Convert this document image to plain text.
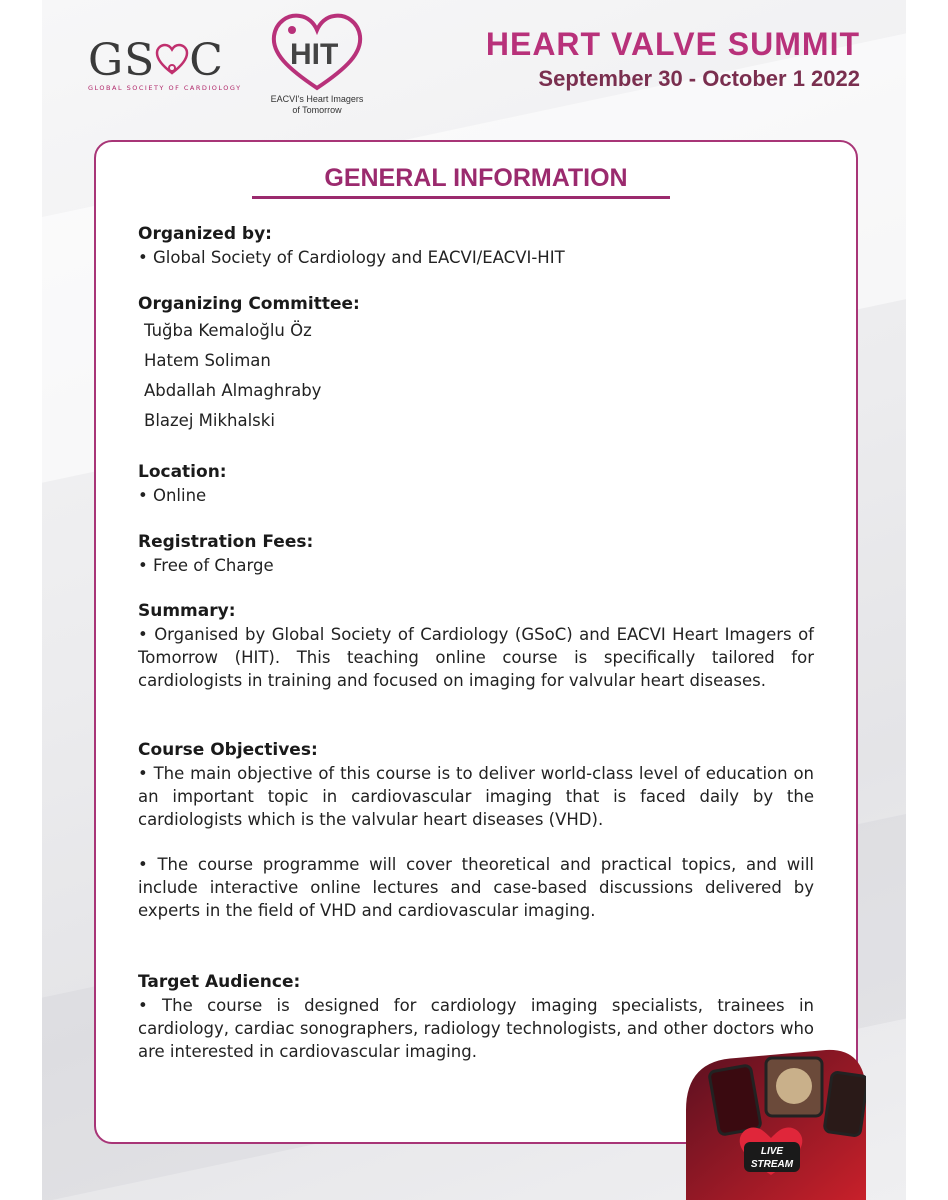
GS C
GLOBAL SOCIETY OF CARDIOLOGY
HIT
EACVI's Heart Imagers
of Tomorrow
HEART VALVE SUMMIT
September 30 - October 1 2022
GENERAL INFORMATION
Organized by:
• Global Society of Cardiology and EACVI/EACVI-HIT
Organizing Committee:
Tuğba Kemaloğlu Öz
Hatem Soliman
Abdallah Almaghraby
Blazej Mikhalski
Location:
• Online
Registration Fees:
• Free of Charge
Summary:
• Organised by Global Society of Cardiology (GSoC) and EACVI Heart Imagers of Tomorrow (HIT). This teaching online course is specifically tailored for cardiologists in training and focused on imaging for valvular heart diseases.
Course Objectives:
• The main objective of this course is to deliver world-class level of education on an important topic in cardiovascular imaging that is faced daily by the cardiologists which is the valvular heart diseases (VHD).
• The course programme will cover theoretical and practical topics, and will include interactive online lectures and case-based discussions delivered by experts in the field of VHD and cardiovascular imaging.
Target Audience:
• The course is designed for cardiology imaging specialists, trainees in cardiology, cardiac sonographers, radiology technologists, and other doctors who are interested in cardiovascular imaging.
LIVE
STREAM
